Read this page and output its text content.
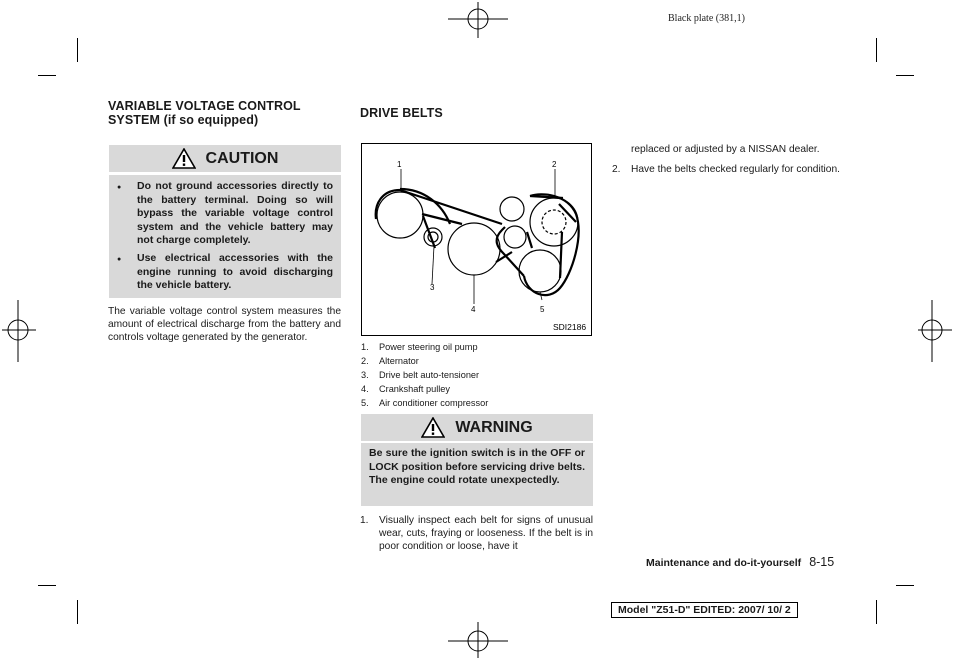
Black plate (381,1)
VARIABLE VOLTAGE CONTROL
SYSTEM (if so equipped)
CAUTION
● Do not ground accessories directly to the battery terminal. Doing so will bypass the variable voltage control system and the vehicle battery may not charge completely.
● Use electrical accessories with the engine running to avoid discharging the vehicle battery.
The variable voltage control system measures the amount of electrical discharge from the battery and controls voltage generated by the generator.
DRIVE BELTS
1	2
3
4	5
SDI2186
1. Power steering oil pump
2. Alternator
3. Drive belt auto-tensioner
4. Crankshaft pulley
5. Air conditioner compressor
WARNING
Be sure the ignition switch is in the OFF or LOCK position before servicing drive belts. The engine could rotate unexpectedly.
1.	Visually inspect each belt for signs of unusual wear, cuts, fraying or looseness. If the belt is in poor condition or loose, have it
replaced or adjusted by a NISSAN dealer.
2.	Have the belts checked regularly for condition.
Maintenance and do-it-yourself 8-15
Model "Z51-D" EDITED: 2007/ 10/ 2
